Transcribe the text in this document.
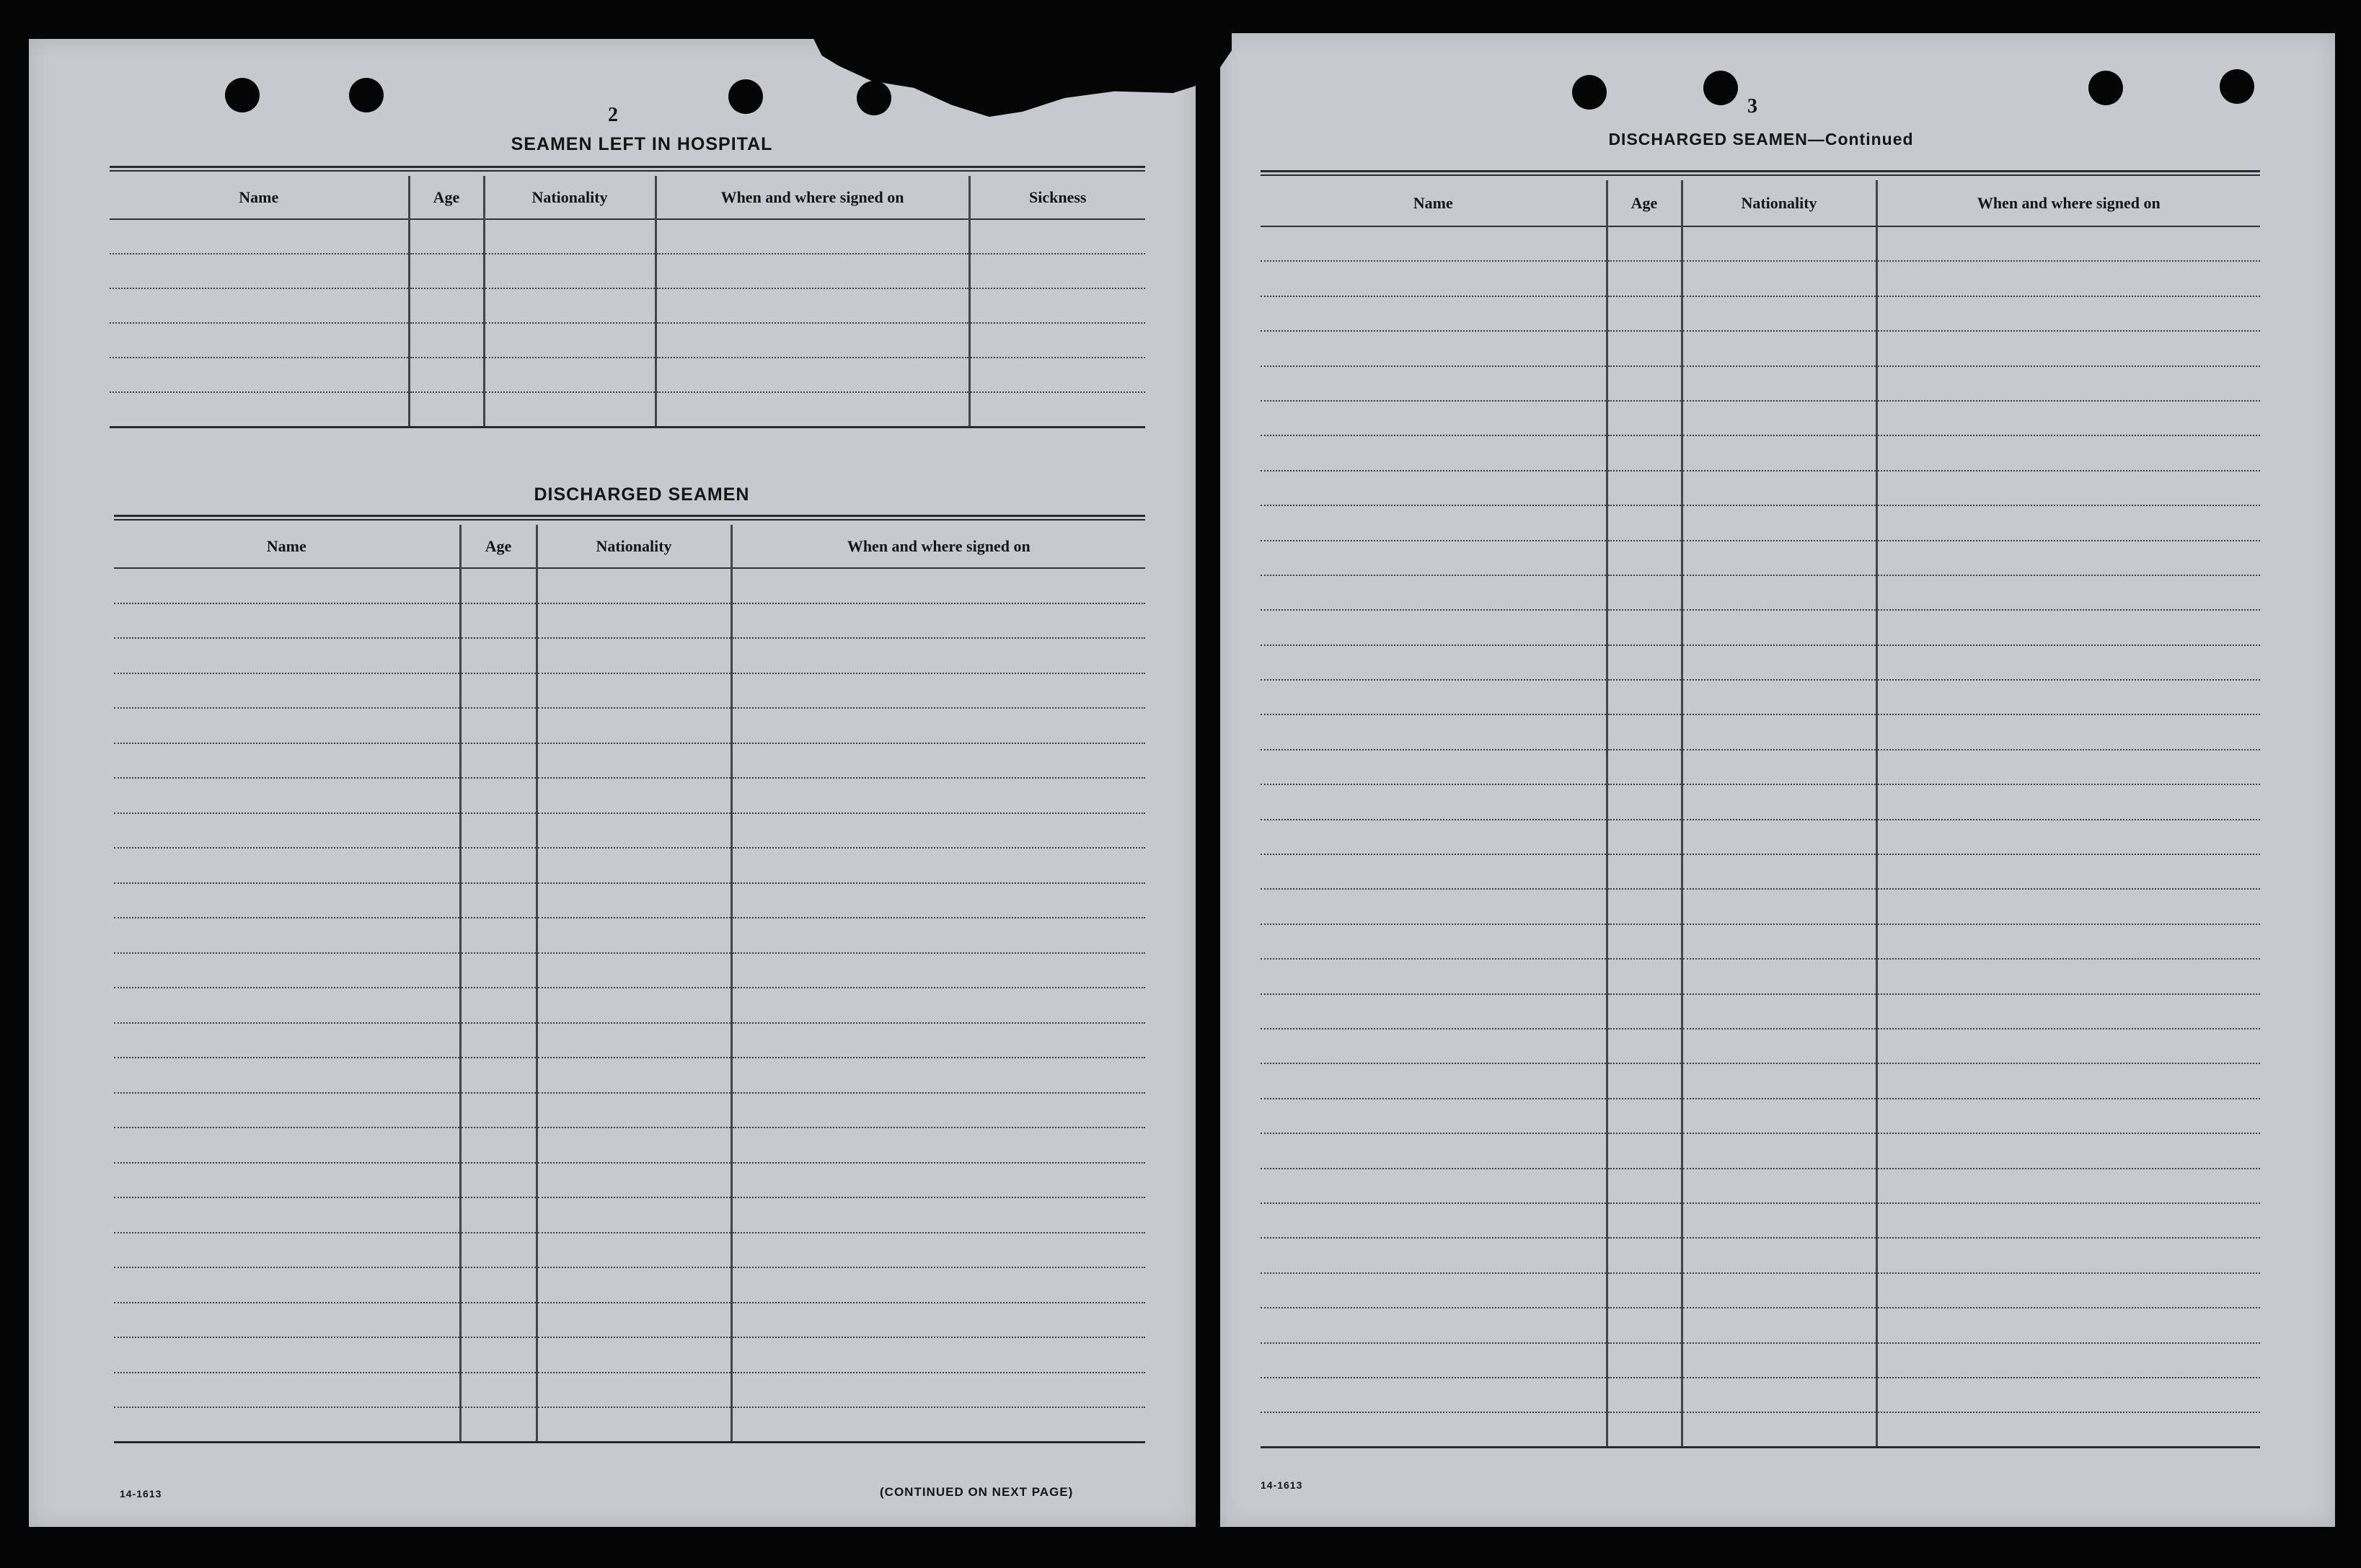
2
SEAMEN LEFT IN HOSPITAL
Name	Age	Nationality	When and where signed on	Sickness

DISCHARGED SEAMEN
Name	Age	Nationality	When and where signed on

14-1613	(CONTINUED ON NEXT PAGE)
3
DISCHARGED SEAMEN—Continued
Name	Age	Nationality	When and where signed on

14-1613
